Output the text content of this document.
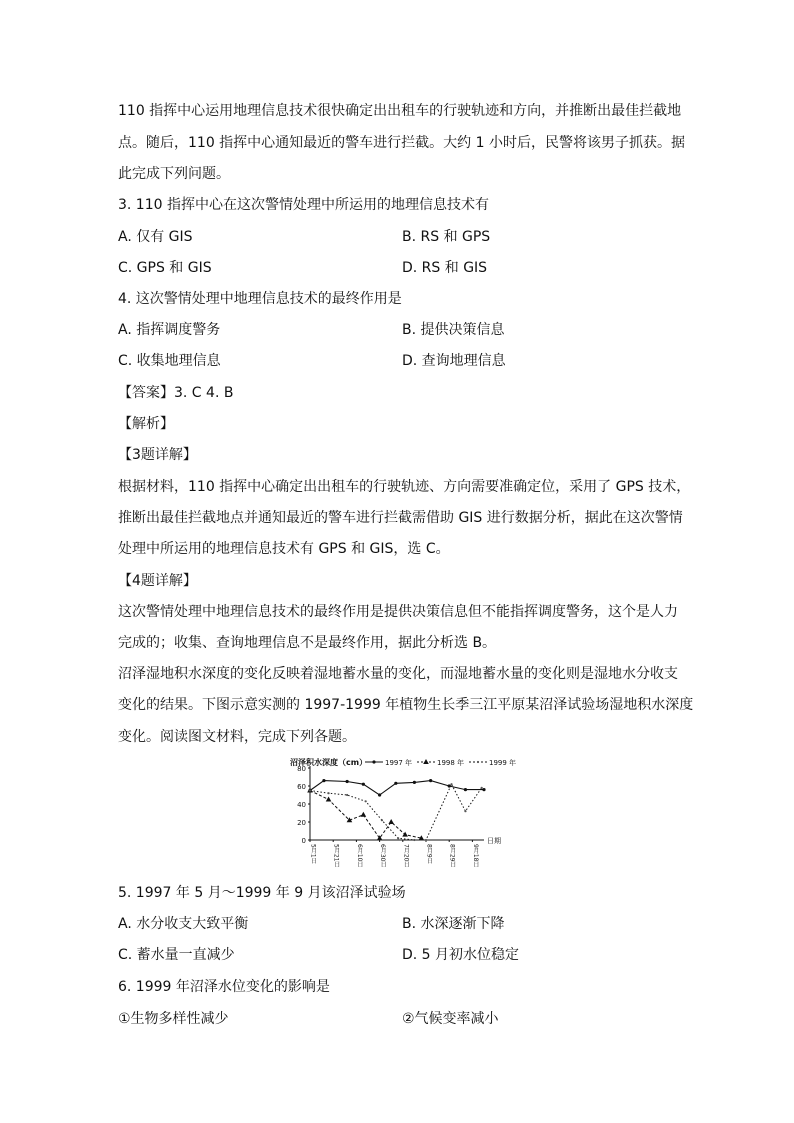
110 指挥中心运用地理信息技术很快确定出出租车的行驶轨迹和方向，并推断出最佳拦截地
点。随后，110 指挥中心通知最近的警车进行拦截。大约 1 小时后，民警将该男子抓获。据
此完成下列问题。
3. 110 指挥中心在这次警情处理中所运用的地理信息技术有
A. 仅有 GIS	B. RS 和 GPS
C. GPS 和 GIS	D. RS 和 GIS
4. 这次警情处理中地理信息技术的最终作用是
A. 指挥调度警务	B. 提供决策信息
C. 收集地理信息	D. 查询地理信息
【答案】3. C 4. B
【解析】
【3题详解】
根据材料，110 指挥中心确定出出租车的行驶轨迹、方向需要准确定位，采用了 GPS 技术，
推断出最佳拦截地点并通知最近的警车进行拦截需借助 GIS 进行数据分析，据此在这次警情
处理中所运用的地理信息技术有 GPS 和 GIS，选 C。
【4题详解】
这次警情处理中地理信息技术的最终作用是提供决策信息但不能指挥调度警务，这个是人力
完成的；收集、查询地理信息不是最终作用，据此分析选 B。
沼泽湿地积水深度的变化反映着湿地蓄水量的变化，而湿地蓄水量的变化则是湿地水分收支
变化的结果。下图示意实测的 1997-1999 年植物生长季三江平原某沼泽试验场湿地积水深度
变化。阅读图文材料，完成下列各题。
沼泽积水深度（cm）	1997 年	1998 年	1999 年
0
20
40
60
80
5月1日	5月21日	6月10日	6月30日	7月20日	8月9日	8月29日	9月18日
日期
5. 1997 年 5 月～1999 年 9 月该沼泽试验场
A. 水分收支大致平衡	B. 水深逐渐下降
C. 蓄水量一直减少	D. 5 月初水位稳定
6. 1999 年沼泽水位变化的影响是
①生物多样性减少	②气候变率减小
